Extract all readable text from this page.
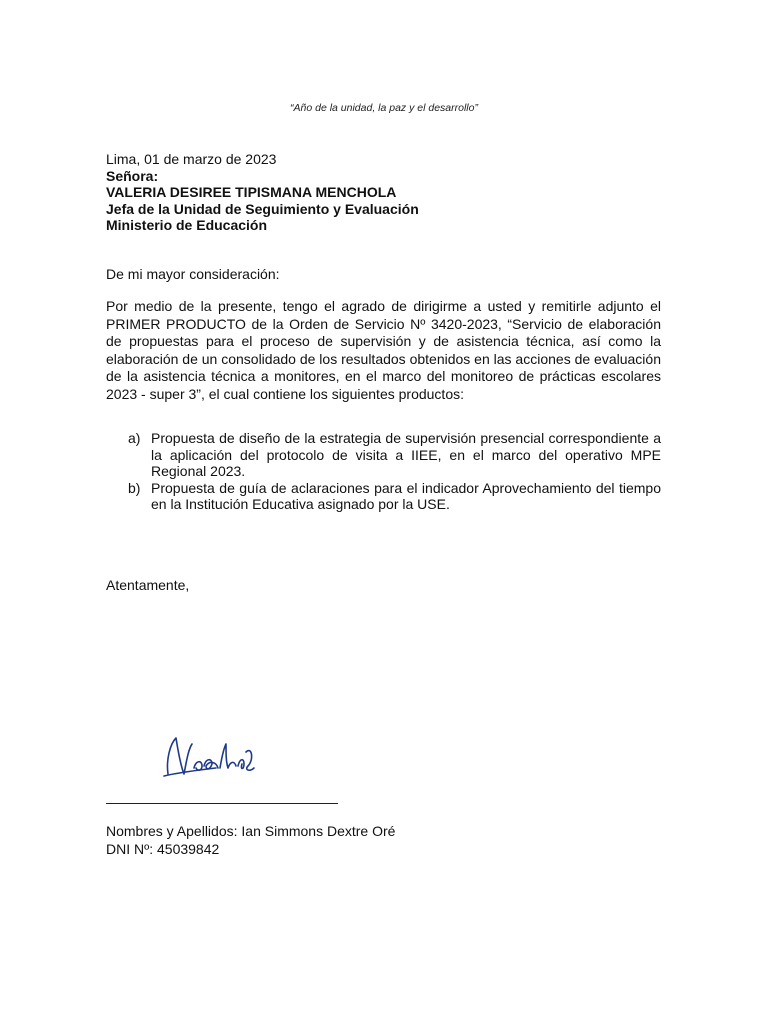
“Año de la unidad, la paz y el desarrollo”
Lima, 01 de marzo de 2023
Señora:
VALERIA DESIREE TIPISMANA MENCHOLA
Jefa de la Unidad de Seguimiento y Evaluación
Ministerio de Educación
De mi mayor consideración:
Por medio de la presente, tengo el agrado de dirigirme a usted y remitirle adjunto el PRIMER PRODUCTO de la Orden de Servicio Nº 3420-2023, “Servicio de elaboración de propuestas para el proceso de supervisión y de asistencia técnica, así como la elaboración de un consolidado de los resultados obtenidos en las acciones de evaluación de la asistencia técnica a monitores, en el marco del monitoreo de prácticas escolares 2023 - super 3”, el cual contiene los siguientes productos:
a) Propuesta de diseño de la estrategia de supervisión presencial correspondiente a la aplicación del protocolo de visita a IIEE, en el marco del operativo MPE Regional 2023.
b) Propuesta de guía de aclaraciones para el indicador Aprovechamiento del tiempo en la Institución Educativa asignado por la USE.
Atentamente,
Nombres y Apellidos: Ian Simmons Dextre Oré
DNI Nº: 45039842
